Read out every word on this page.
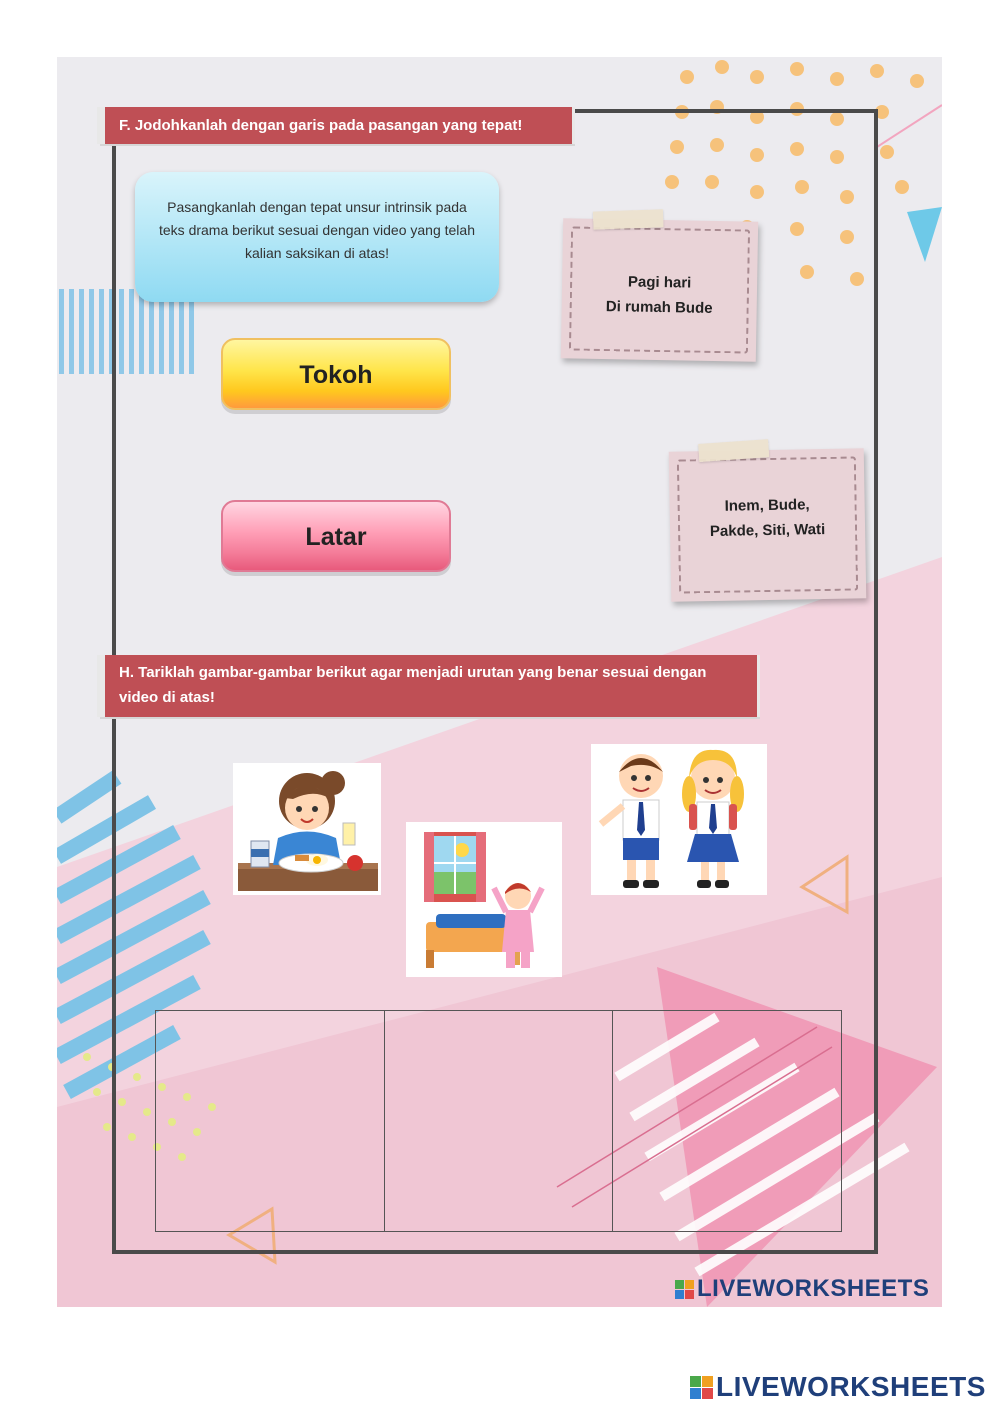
F. Jodohkanlah dengan garis pada pasangan yang tepat!
Pasangkanlah dengan tepat unsur intrinsik pada teks drama berikut sesuai dengan video yang telah kalian saksikan di atas!
Tokoh
Latar
Pagi hari
Di rumah Bude
Inem, Bude,
Pakde, Siti, Wati
H. Tariklah gambar-gambar berikut agar menjadi urutan yang benar sesuai dengan video di atas!
LIVEWORKSHEETS
LIVEWORKSHEETS
